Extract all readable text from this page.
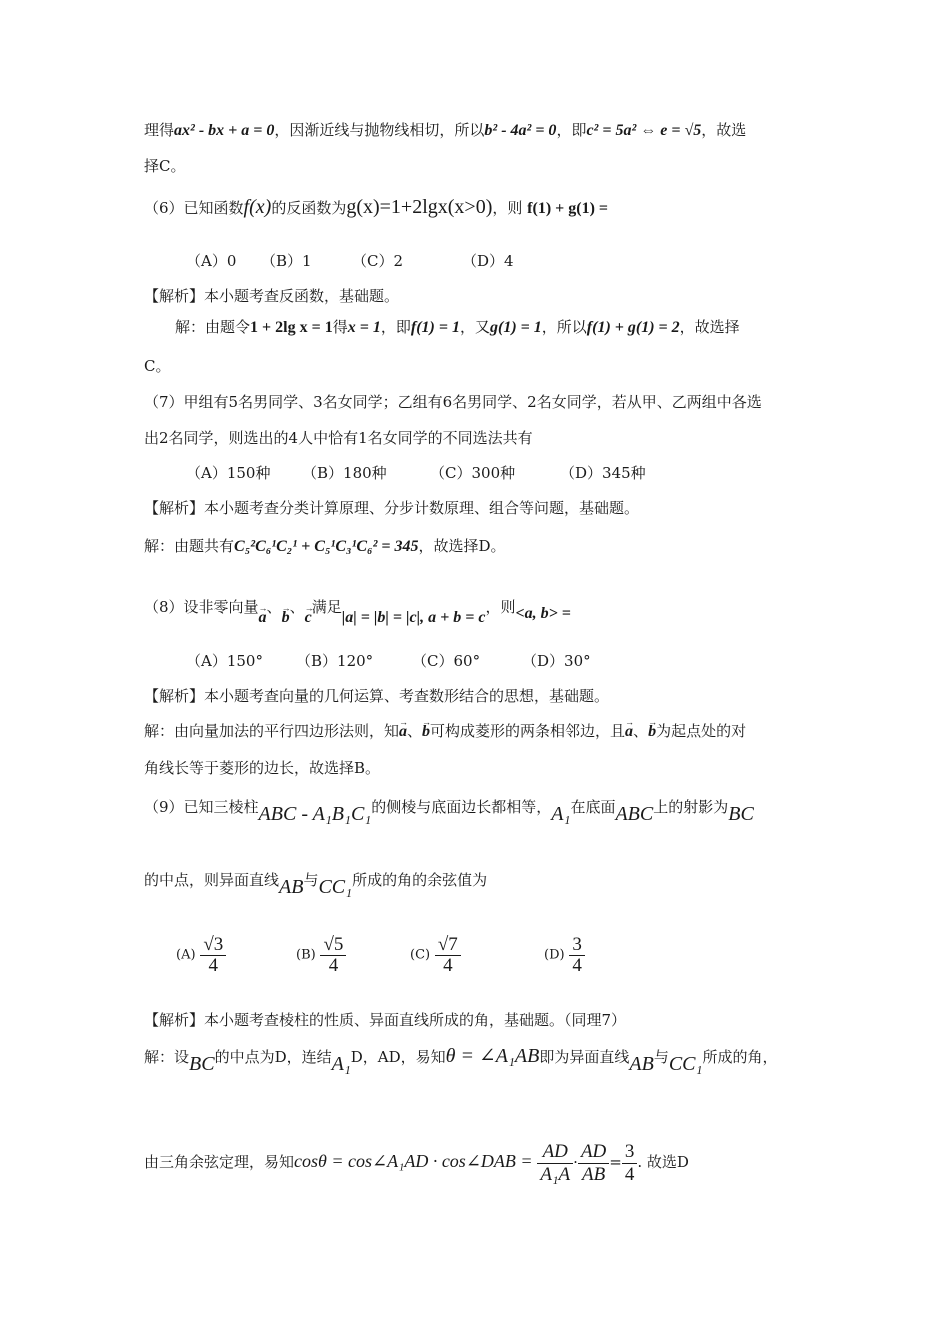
理得ax² - bx + a = 0，因渐近线与抛物线相切，所以b² - 4a² = 0，即c² = 5a² ⇔ e = √5，故选
择C。
（6）已知函数f(x)的反函数为g(x)=1+2lgx(x>0)，则 f(1) + g(1) =
（A）0 （B）1	（C）2	（D）4
【解析】本小题考查反函数，基础题。
解：由题令1 + 2lg x = 1得x = 1，即f(1) = 1，又g(1) = 1，所以f(1) + g(1) = 2，故选择
C。
（7）甲组有5名男同学、3名女同学；乙组有6名男同学、2名女同学，若从甲、乙两组中各选
出2名同学，则选出的4人中恰有1名女同学的不同选法共有
（A）150种 （B）180种	（C）300种	（D）345种
【解析】本小题考查分类计算原理、分步计数原理、组合等问题，基础题。
解：由题共有C₅²C₆¹C₂¹ + C₅¹C₃¹C₆² = 345，故选择D。
（8）设非零向量→ a、→ b、→ c满足|a| = |b| = |c|, a + b = c，则<a, b> =
（A）150° （B）120°	（C）60°	（D）30°
【解析】本小题考查向量的几何运算、考查数形结合的思想，基础题。
解：由向量加法的平行四边形法则，知→ a、→ b可构成菱形的两条相邻边，且→ a、→ b为起点处的对
角线长等于菱形的边长，故选择B。
（9）已知三棱柱ABC - A₁B₁C₁的侧棱与底面边长都相等，A₁在底面ABC上的射影为BC
的中点，则异面直线AB与CC₁所成的角的余弦值为
$(A) \frac{√3}{4}$	$(B) \frac{√5}{4}$	$(C) \frac{√7}{4}$	$(D) \frac{3}{4}$
【解析】本小题考查棱柱的性质、异面直线所成的角，基础题。（同理7）
解：设BC的中点为D，连结A₁D，AD，易知θ = ∠A₁AB即为异面直线AB与CC₁所成的角，
由三角余弦定理，易知cosθ = cos∠A₁AD · cos∠DAB = $\frac{AD}{\text{A₁A}} \cdot \frac{AD}{AB} = \frac{3}{4}$ . 故选D
